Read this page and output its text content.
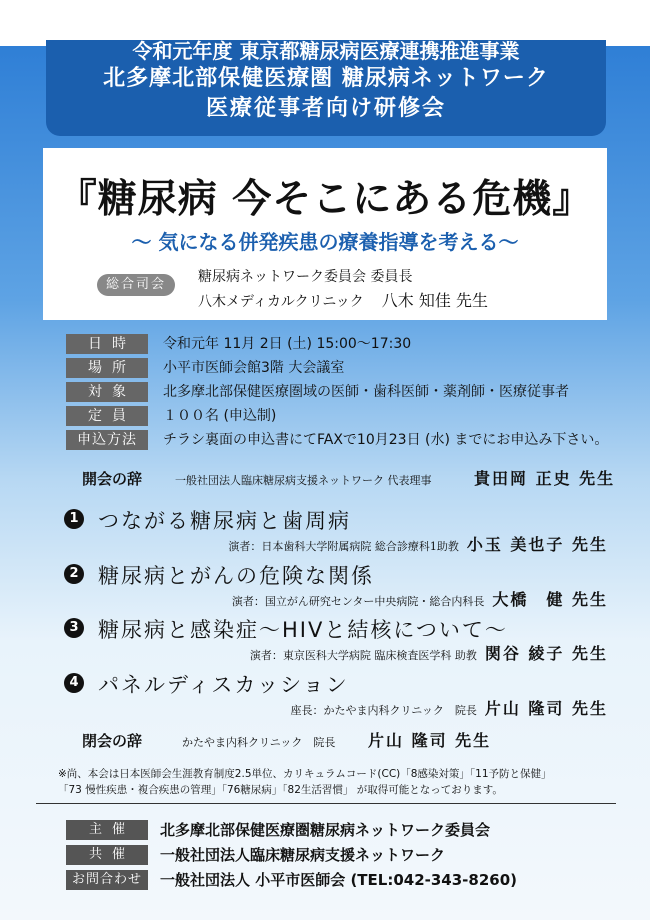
令和元年度 東京都糖尿病医療連携推進事業
北多摩北部保健医療圏 糖尿病ネットワーク
医療従事者向け研修会
『糖尿病 今そこにある危機』
〜 気になる併発疾患の療養指導を考える〜
総合司会	糖尿病ネットワーク委員会 委員長
八木メディカルクリニック 八木 知佳 先生
日時	令和元年 11月 2日 (土) 15:00〜17:30
場所	小平市医師会館3階 大会議室
対象	北多摩北部保健医療圏域の医師・歯科医師・薬剤師・医療従事者
定員	１００名 (申込制)
申込方法	チラシ裏面の申込書にてFAXで10月23日 (水) までにお申込み下さい。
開会の辞	一般社団法人臨床糖尿病支援ネットワーク 代表理事	貴田岡 正史 先生
1 つながる糖尿病と歯周病
演者：日本歯科大学附属病院 総合診療科1助教 小玉 美也子 先生
2 糖尿病とがんの危険な関係
演者：国立がん研究センター中央病院・総合内科長 大橋　健 先生
3 糖尿病と感染症〜HIVと結核について〜
演者：東京医科大学病院 臨床検査医学科 助教 関谷 綾子 先生
4 パネルディスカッション
座長：かたやま内科クリニック　院長 片山 隆司 先生
閉会の辞	かたやま内科クリニック　院長 片山 隆司 先生
※尚、本会は日本医師会生涯教育制度2.5単位、カリキュラムコード(CC)「8感染対策」「11予防と保健」
「73 慢性疾患・複合疾患の管理」「76糖尿病」「82生活習慣」 が取得可能となっております。
主催	北多摩北部保健医療圏糖尿病ネットワーク委員会
共催	一般社団法人臨床糖尿病支援ネットワーク
お問合わせ	一般社団法人 小平市医師会 (TEL:042-343-8260)
